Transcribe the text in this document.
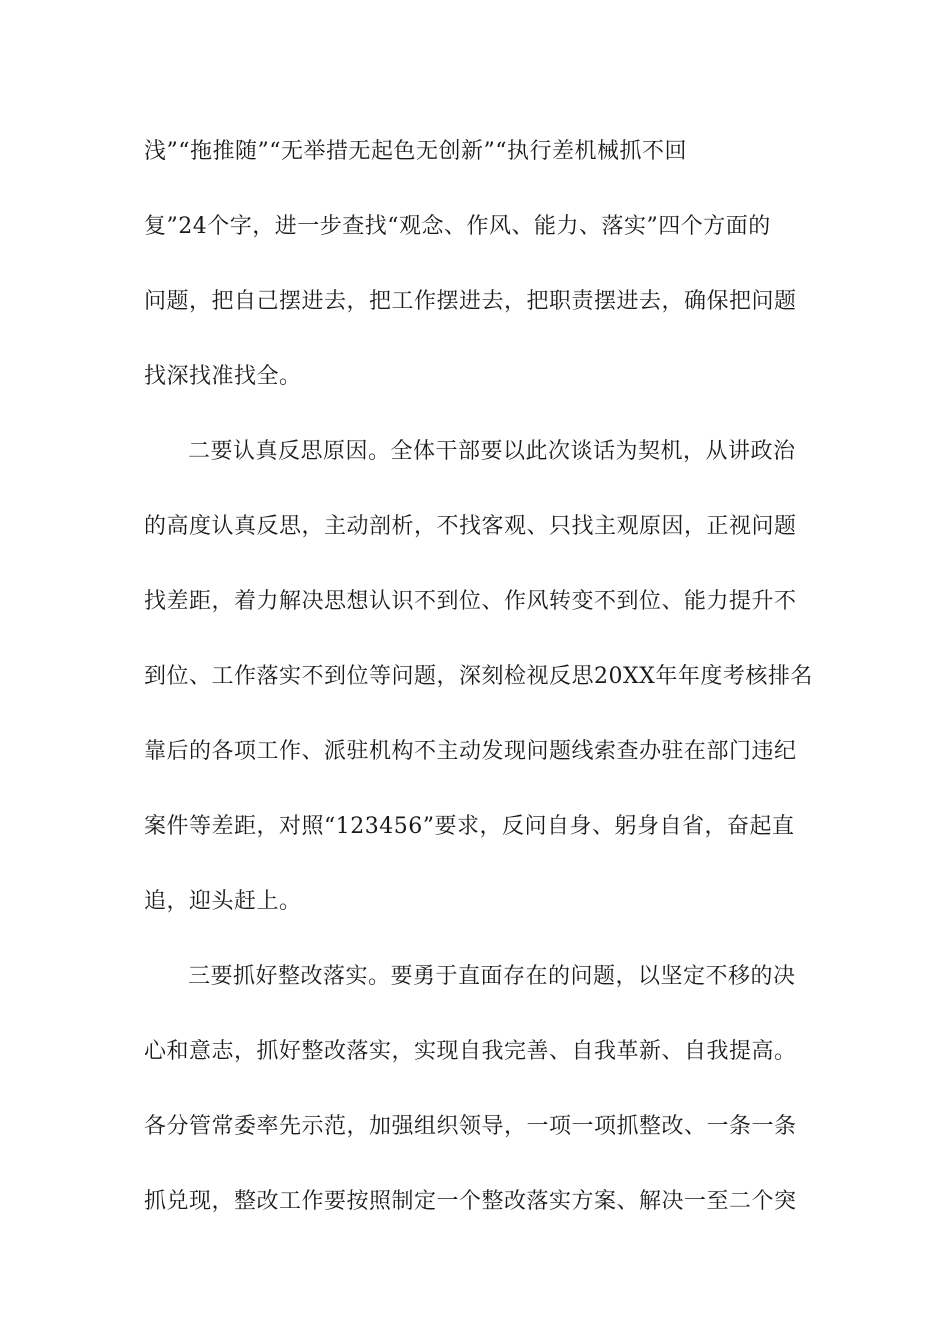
浅”“拖推随”“无举措无起色无创新”“执行差机械抓不回
复”24个字，进一步查找“观念、作风、能力、落实”四个方面的
问题，把自己摆进去，把工作摆进去，把职责摆进去，确保把问题
找深找准找全。
二要认真反思原因。全体干部要以此次谈话为契机，从讲政治
的高度认真反思，主动剖析，不找客观、只找主观原因，正视问题
找差距，着力解决思想认识不到位、作风转变不到位、能力提升不
到位、工作落实不到位等问题，深刻检视反思20XX年年度考核排名
靠后的各项工作、派驻机构不主动发现问题线索查办驻在部门违纪
案件等差距，对照“123456”要求，反问自身、躬身自省，奋起直
追，迎头赶上。
三要抓好整改落实。要勇于直面存在的问题，以坚定不移的决
心和意志，抓好整改落实，实现自我完善、自我革新、自我提高。
各分管常委率先示范，加强组织领导，一项一项抓整改、一条一条
抓兑现，整改工作要按照制定一个整改落实方案、解决一至二个突
